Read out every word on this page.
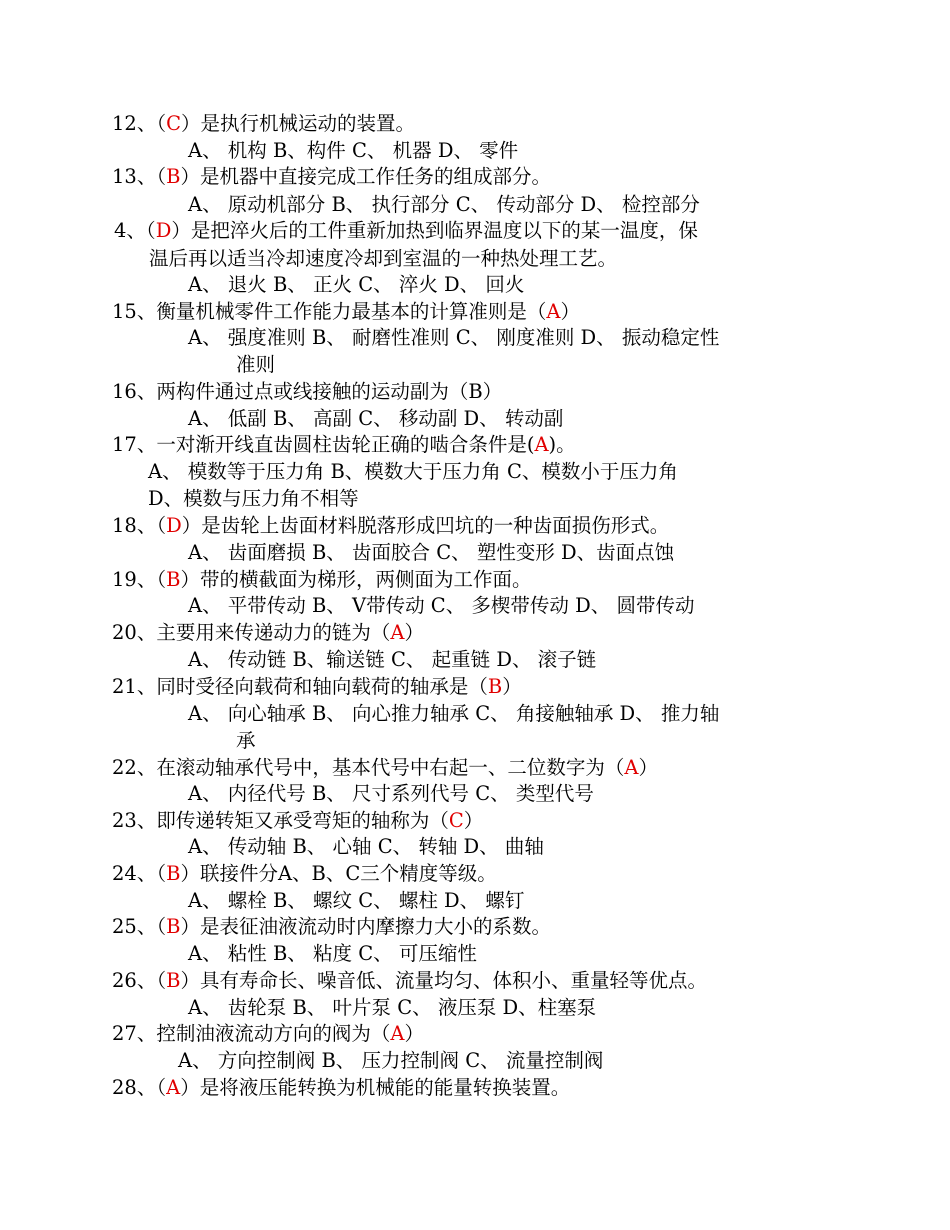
12、（C）是执行机械运动的装置。
A、 机构 B、构件 C、 机器 D、 零件
13、（B）是机器中直接完成工作任务的组成部分。
A、 原动机部分 B、 执行部分 C、 传动部分 D、 检控部分
4、（D）是把淬火后的工件重新加热到临界温度以下的某一温度，保
温后再以适当冷却速度冷却到室温的一种热处理工艺。
A、 退火 B、 正火 C、 淬火 D、 回火
15、衡量机械零件工作能力最基本的计算准则是（A）
A、 强度准则 B、 耐磨性准则 C、 刚度准则 D、 振动稳定性
准则
16、两构件通过点或线接触的运动副为（B）
A、 低副 B、 高副 C、 移动副 D、 转动副
17、一对渐开线直齿圆柱齿轮正确的啮合条件是(A)。
A、 模数等于压力角 B、模数大于压力角 C、模数小于压力角
D、模数与压力角不相等
18、（D）是齿轮上齿面材料脱落形成凹坑的一种齿面损伤形式。
A、 齿面磨损 B、 齿面胶合 C、 塑性变形 D、齿面点蚀
19、（B）带的横截面为梯形，两侧面为工作面。
A、 平带传动 B、 V带传动 C、 多楔带传动 D、 圆带传动
20、主要用来传递动力的链为（A）
A、 传动链 B、输送链 C、 起重链 D、 滚子链
21、同时受径向载荷和轴向载荷的轴承是（B）
A、 向心轴承 B、 向心推力轴承 C、 角接触轴承 D、 推力轴
承
22、在滚动轴承代号中，基本代号中右起一、二位数字为（A）
A、 内径代号 B、 尺寸系列代号 C、 类型代号
23、即传递转矩又承受弯矩的轴称为（C）
A、 传动轴 B、 心轴 C、 转轴 D、 曲轴
24、（B）联接件分A、B、C三个精度等级。
A、 螺栓 B、 螺纹 C、 螺柱 D、 螺钉
25、（B）是表征油液流动时内摩擦力大小的系数。
A、 粘性 B、 粘度 C、 可压缩性
26、（B）具有寿命长、噪音低、流量均匀、体积小、重量轻等优点。
A、 齿轮泵 B、 叶片泵 C、 液压泵 D、柱塞泵
27、控制油液流动方向的阀为（A）
A、 方向控制阀 B、 压力控制阀 C、 流量控制阀
28、（A）是将液压能转换为机械能的能量转换装置。
